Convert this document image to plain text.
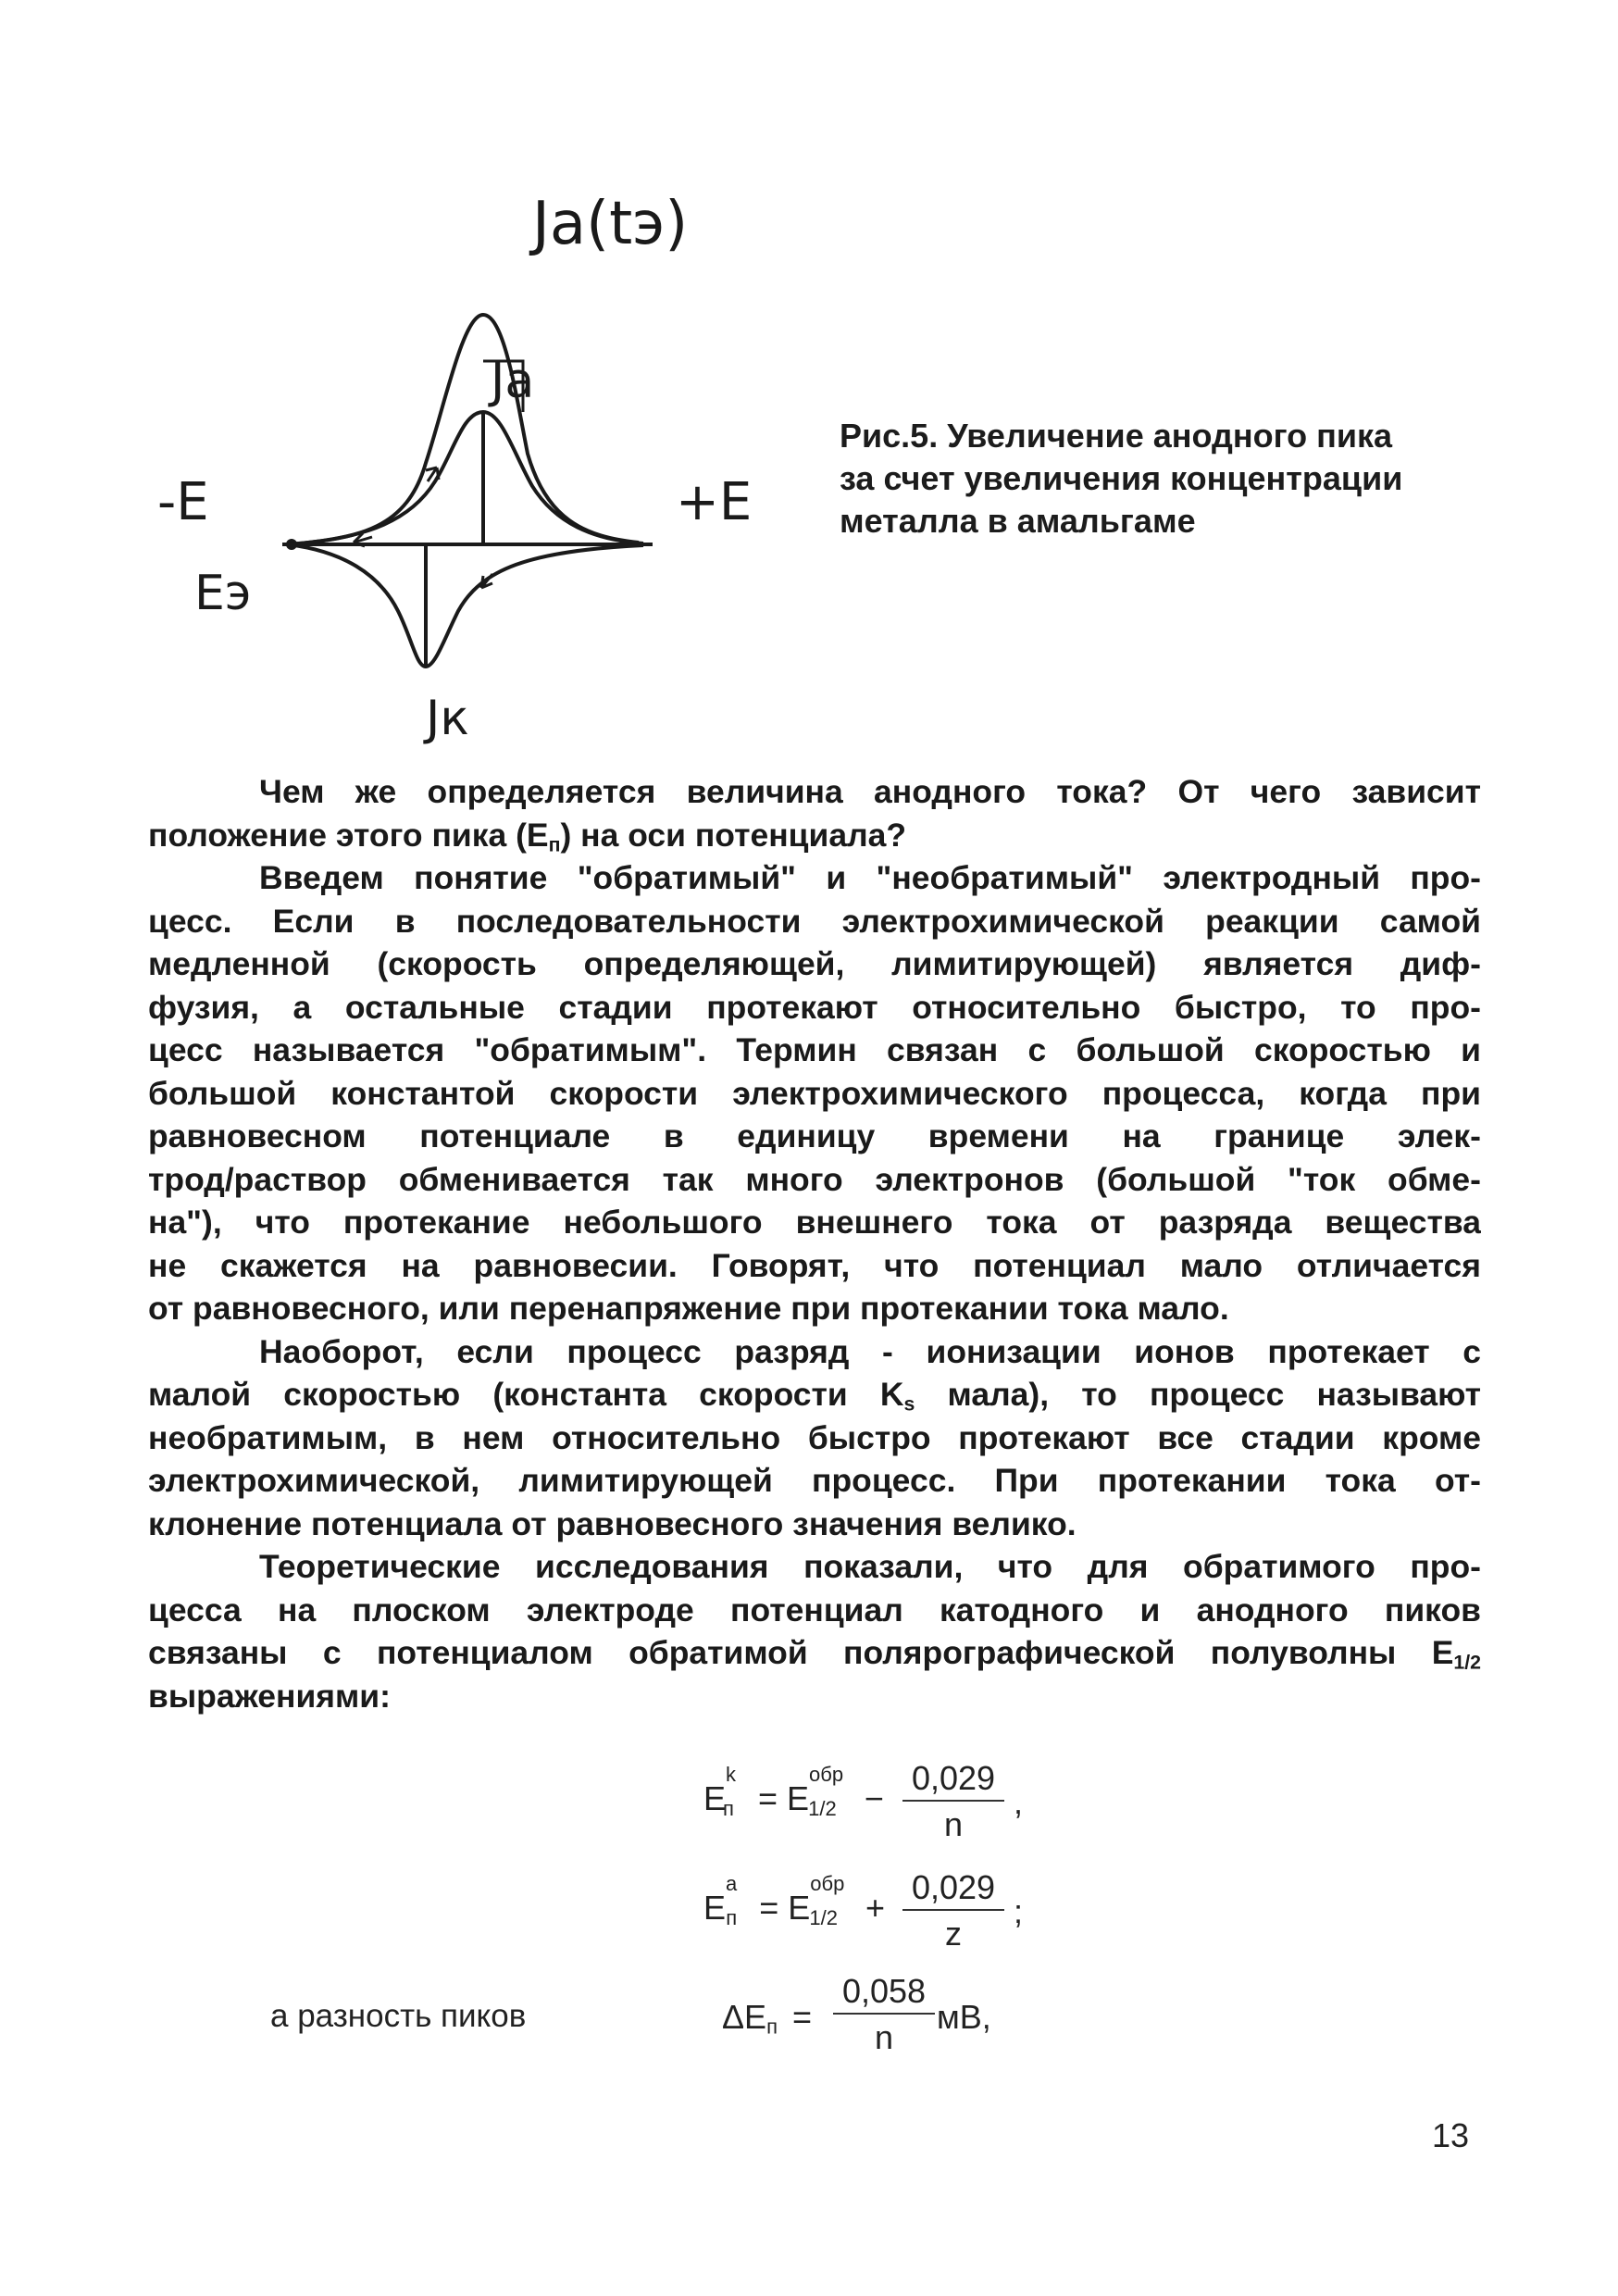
Ja(tэ)
Ja
-E	+E
Eэ
Jк
Рис.5. Увеличение анодного пика
за счет увеличения концентрации
металла в амальгаме
Чем же определяется величина анодного тока? От чего зависит
положение этого пика $(E_п)$ на оси потенциала?
Введем понятие "обратимый" и "необратимый" электродный про-
цесс. Если в последовательности электрохимической реакции самой
медленной (скорость определяющей, лимитирующей) является диф-
фузия, а остальные стадии протекают относительно быстро, то про-
цесс называется "обратимым". Термин связан с большой скоростью и
большой константой скорости электрохимического процесса, когда при
равновесном потенциале в единицу времени на границе элек-
трод/раствор обменивается так много электронов (большой "ток обме-
на"), что протекание небольшого внешнего тока от разряда вещества
не скажется на равновесии. Говорят, что потенциал мало отличается
от равновесного, или перенапряжение при протекании тока мало.
Наоборот, если процесс разряд - ионизации ионов протекает с
малой скоростью (константа скорости $K_s$ мала), то процесс называют
необратимым, в нем относительно быстро протекают все стадии кроме
электрохимической, лимитирующей процесс. При протекании тока от-
клонение потенциала от равновесного значения велико.
Теоретические исследования показали, что для обратимого про-
цесса на плоском электроде потенциал катодного и анодного пиков
связаны с потенциалом обратимой полярографической полуволны $E_{1/2}$
выражениями:
$E^k_п = E^{обр}_{1/2} - \frac{0,029}{n}$ ,
$E^a_п = E^{обр}_{1/2} + \frac{0,029}{z}$ ;
а разность пиков	$\Delta E_п = \frac{0,058}{n}$ мВ,
13
